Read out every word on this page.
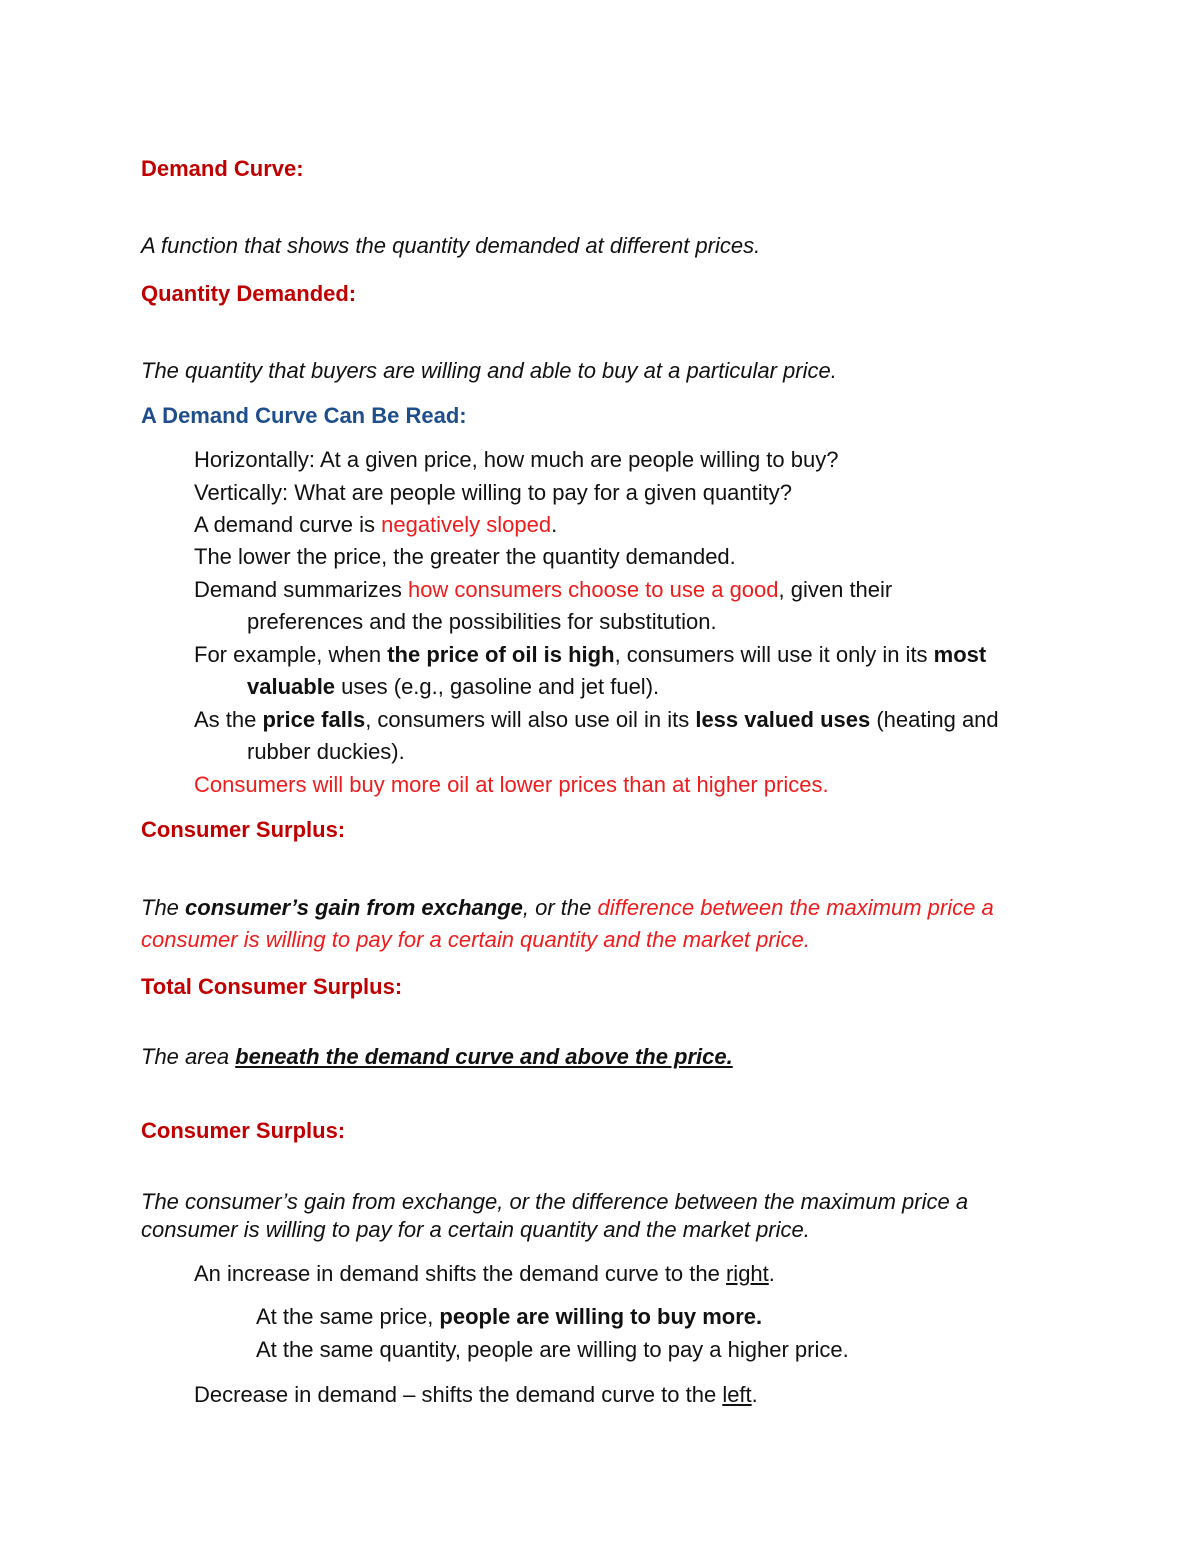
Demand Curve:
A function that shows the quantity demanded at different prices.
Quantity Demanded:
The quantity that buyers are willing and able to buy at a particular price.
A Demand Curve Can Be Read:
Horizontally: At a given price, how much are people willing to buy?
Vertically: What are people willing to pay for a given quantity?
A demand curve is negatively sloped.
The lower the price, the greater the quantity demanded.
Demand summarizes how consumers choose to use a good, given their
preferences and the possibilities for substitution.
For example, when the price of oil is high, consumers will use it only in its most
valuable uses (e.g., gasoline and jet fuel).
As the price falls, consumers will also use oil in its less valued uses (heating and
rubber duckies).
Consumers will buy more oil at lower prices than at higher prices.
Consumer Surplus:
The consumer’s gain from exchange, or the difference between the maximum price a
consumer is willing to pay for a certain quantity and the market price.
Total Consumer Surplus:
The area beneath the demand curve and above the price.
Consumer Surplus:
The consumer’s gain from exchange, or the difference between the maximum price a
consumer is willing to pay for a certain quantity and the market price.
An increase in demand shifts the demand curve to the right.
At the same price, people are willing to buy more.
At the same quantity, people are willing to pay a higher price.
Decrease in demand – shifts the demand curve to the left.
